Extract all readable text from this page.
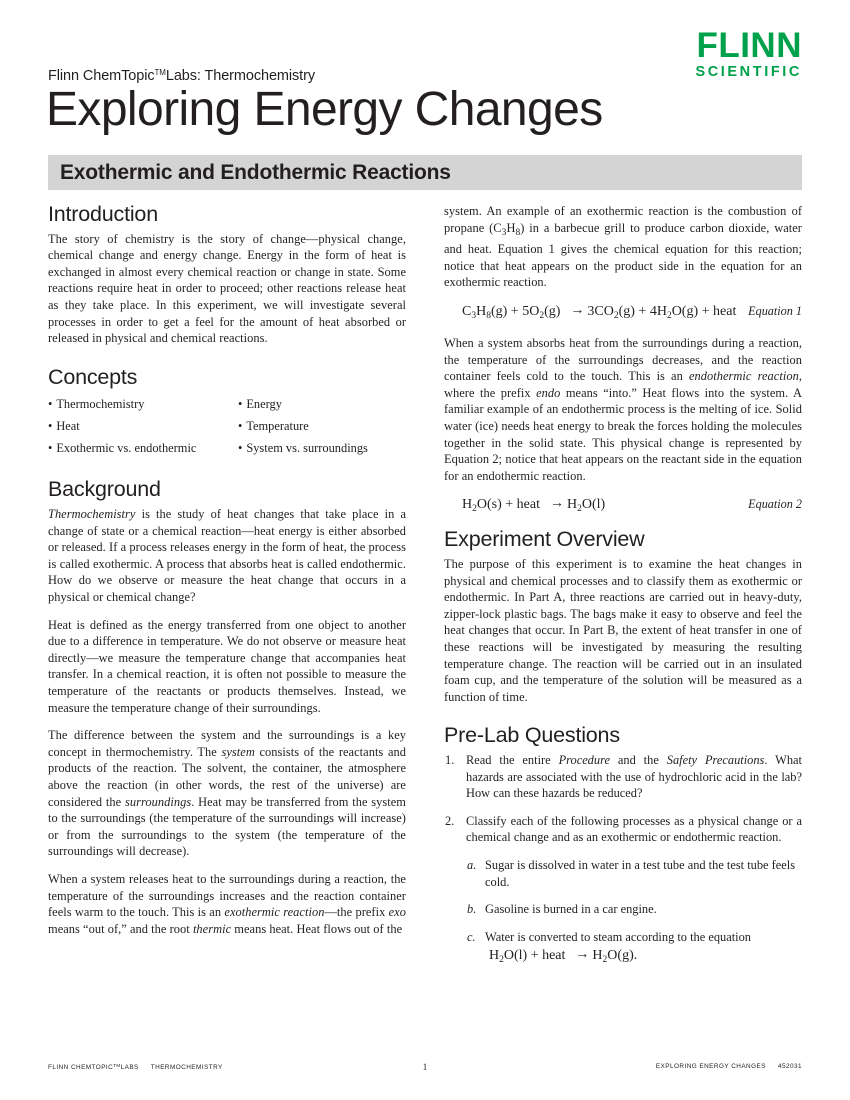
FLINN
SCIENTIFIC
Flinn ChemTopic™Labs: Thermochemistry
Exploring Energy Changes
Exothermic and Endothermic Reactions
Introduction

The story of chemistry is the story of change—physical change, chemical change and energy change. Energy in the form of heat is exchanged in almost every chemical reaction or change in state. Some reactions require heat in order to proceed; other reactions release heat as they take place. In this experiment, we will investigate several processes in order to get a feel for the amount of heat absorbed or released in physical and chemical reactions.

Concepts
• Thermochemistry
• Heat
• Exothermic vs. endothermic
• Energy
• Temperature
• System vs. surroundings
Background

Thermochemistry is the study of heat changes that take place in a change of state or a chemical reaction—heat energy is either absorbed or released. If a process releases energy in the form of heat, the process is called exothermic. A process that absorbs heat is called endothermic. How do we observe or measure the heat change that occurs in a physical or chemical change?

Heat is defined as the energy transferred from one object to another due to a difference in temperature. We do not observe or measure heat directly—we measure the temperature change that accompanies heat transfer. In a chemical reaction, it is often not possible to measure the temperature of the reactants or products themselves. Instead, we measure the temperature change of their surroundings.

The difference between the system and the surroundings is a key concept in thermochemistry. The system consists of the reactants and products of the reaction. The solvent, the container, the atmosphere above the reaction (in other words, the rest of the universe) are considered the surroundings. Heat may be transferred from the system to the surroundings (the temperature of the surroundings will increase) or from the surroundings to the system (the temperature of the surroundings will decrease).

When a system releases heat to the surroundings during a reaction, the temperature of the surroundings increases and the reaction container feels warm to the touch. This is an exothermic reaction—the prefix exo means “out of,” and the root thermic means heat. Heat flows out of the

system. An example of an exothermic reaction is the combustion of propane $(C_3H_8)$ in a barbecue grill to produce carbon dioxide, water and heat. Equation 1 gives the chemical equation for this reaction; notice that heat appears on the product side in the equation for an exothermic reaction.

$C_3H_8(g) + 5O_2(g) \to 3CO_2(g) + 4H_2O(g)$ + heat Equation 1

When a system absorbs heat from the surroundings during a reaction, the temperature of the surroundings decreases, and the reaction container feels cold to the touch. This is an endothermic reaction, where the prefix endo means “into.” Heat flows into the system. A familiar example of an endothermic process is the melting of ice. Solid water (ice) needs heat energy to break the forces holding the molecules together in the solid state. This physical change is represented by Equation 2; notice that heat appears on the reactant side in the equation for an endothermic reaction.

$H_2O(s)$ + heat → $H_2O(l)$	Equation 2
Experiment Overview

The purpose of this experiment is to examine the heat changes in physical and chemical processes and to classify them as exothermic or endothermic. In Part A, three reactions are carried out in heavy-duty, zipper-lock plastic bags. The bags make it easy to observe and feel the heat changes that occur. In Part B, the extent of heat transfer in one of these reactions will be investigated by measuring the resulting temperature change. The reaction will be carried out in an insulated foam cup, and the temperature of the solution will be measured as a function of time.

Pre-Lab Questions
1. Read the entire Procedure and the Safety Precautions. What hazards are associated with the use of hydrochloric acid in the lab? How can these hazards be reduced?
2. Classify each of the following processes as a physical change or a chemical change and as an exothermic or endothermic reaction.
a. Sugar is dissolved in water in a test tube and the test tube feels cold.
b. Gasoline is burned in a car engine.
c. Water is converted to steam according to the equation
$H_2O(l)$ + heat → $H_2O(g)$.
FLINN CHEMTOPIC™LABS THERMOCHEMISTRY	1	EXPLORING ENERGY CHANGES 452031
